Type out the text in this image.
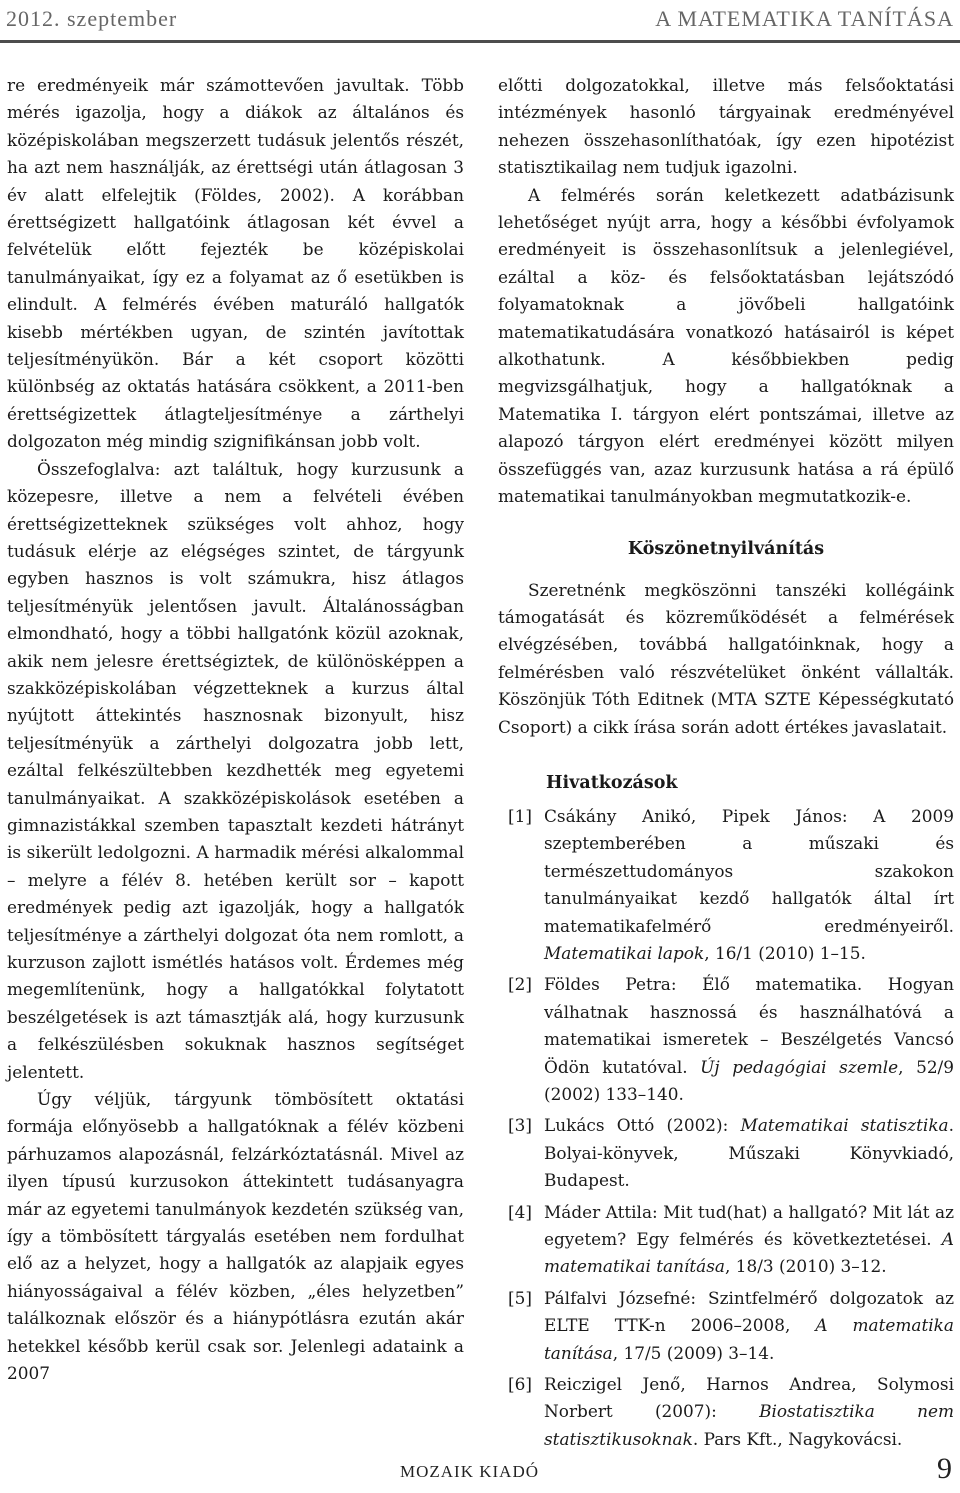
2012. szeptember	A MATEMATIKA TANÍTÁSA

re eredményeik már számottevően javultak. Több mérés igazolja, hogy a diákok az általános és középiskolában megszerzett tudásuk jelentős részét, ha azt nem használják, az érettségi után átlagosan 3 év alatt elfelejtik (Földes, 2002). A korábban érettségizett hallgatóink átlagosan két évvel a felvételük előtt fejezték be középiskolai tanulmányaikat, így ez a folyamat az ő esetükben is elindult. A felmérés évében maturáló hallgatók kisebb mértékben ugyan, de szintén javítottak teljesítményükön. Bár a két csoport közötti különbség az oktatás hatására csökkent, a 2011-ben érettségizettek átlagteljesítménye a zárthelyi dolgozaton még mindig szignifikánsan jobb volt.

Összefoglalva: azt találtuk, hogy kurzusunk a közepesre, illetve a nem a felvételi évében érettségizetteknek szükséges volt ahhoz, hogy tudásuk elérje az elégséges szintet, de tárgyunk egyben hasznos is volt számukra, hisz átlagos teljesítményük jelentősen javult. Általánosságban elmondható, hogy a többi hallgatónk közül azoknak, akik nem jelesre érettségiztek, de különösképpen a szakközépiskolában végzetteknek a kurzus által nyújtott áttekintés hasznosnak bizonyult, hisz teljesítményük a zárthelyi dolgozatra jobb lett, ezáltal felkészültebben kezdhették meg egyetemi tanulmányaikat. A szakközépiskolások esetében a gimnazistákkal szemben tapasztalt kezdeti hátrányt is sikerült ledolgozni. A harmadik mérési alkalommal – melyre a félév 8. hetében került sor – kapott eredmények pedig azt igazolják, hogy a hallgatók teljesítménye a zárthelyi dolgozat óta nem romlott, a kurzuson zajlott ismétlés hatásos volt. Érdemes még megemlítenünk, hogy a hallgatókkal folytatott beszélgetések is azt támasztják alá, hogy kurzusunk a felkészülésben sokuknak hasznos segítséget jelentett.

Úgy véljük, tárgyunk tömbösített oktatási formája előnyösebb a hallgatóknak a félév közbeni párhuzamos alapozásnál, felzárkóztatásnál. Mivel az ilyen típusú kurzusokon áttekintett tudásanyagra már az egyetemi tanulmányok kezdetén szükség van, így a tömbösített tárgyalás esetében nem fordulhat elő az a helyzet, hogy a hallgatók az alapjaik egyes hiányosságaival a félév közben, „éles helyzetben” találkoznak először és a hiánypótlásra ezután akár hetekkel később kerül csak sor. Jelenlegi adataink a 2007

előtti dolgozatokkal, illetve más felsőoktatási intézmények hasonló tárgyainak eredményével nehezen összehasonlíthatóak, így ezen hipotézist statisztikailag nem tudjuk igazolni.

A felmérés során keletkezett adatbázisunk lehetőséget nyújt arra, hogy a későbbi évfolyamok eredményeit is összehasonlítsuk a jelenlegiével, ezáltal a köz- és felsőoktatásban lejátszódó folyamatoknak a jövőbeli hallgatóink matematikatudására vonatkozó hatásairól is képet alkothatunk. A későbbiekben pedig megvizsgálhatjuk, hogy a hallgatóknak a Matematika I. tárgyon elért pontszámai, illetve az alapozó tárgyon elért eredményei között milyen összefüggés van, azaz kurzusunk hatása a rá épülő matematikai tanulmányokban megmutatkozik-e.

Köszönetnyilvánítás

Szeretnénk megköszönni tanszéki kollégáink támogatását és közreműködését a felmérések elvégzésében, továbbá hallgatóinknak, hogy a felmérésben való részvételüket önként vállalták. Köszönjük Tóth Editnek (MTA SZTE Képességkutató Csoport) a cikk írása során adott értékes javaslatait.

Hivatkozások
[1] Csákány Anikó, Pipek János: A 2009 szeptemberében a műszaki és természettudományos szakokon tanulmányaikat kezdő hallgatók által írt matematikafelmérő eredményeiről. Matematikai lapok, 16/1 (2010) 1–15.
[2] Földes Petra: Élő matematika. Hogyan válhatnak hasznossá és használhatóvá a matematikai ismeretek – Beszélgetés Vancsó Ödön kutatóval. Új pedagógiai szemle, 52/9 (2002) 133–140.
[3] Lukács Ottó (2002): Matematikai statisztika. Bolyai-könyvek, Műszaki Könyvkiadó, Budapest.
[4] Máder Attila: Mit tud(hat) a hallgató? Mit lát az egyetem? Egy felmérés és következtetései. A matematikai tanítása, 18/3 (2010) 3–12.
[5] Pálfalvi Józsefné: Szintfelmérő dolgozatok az ELTE TTK-n 2006–2008, A matematika tanítása, 17/5 (2009) 3–14.
[6] Reiczigel Jenő, Harnos Andrea, Solymosi Norbert (2007): Biostatisztika nem statisztikusoknak. Pars Kft., Nagykovácsi.
MOZAIK KIADÓ	9
